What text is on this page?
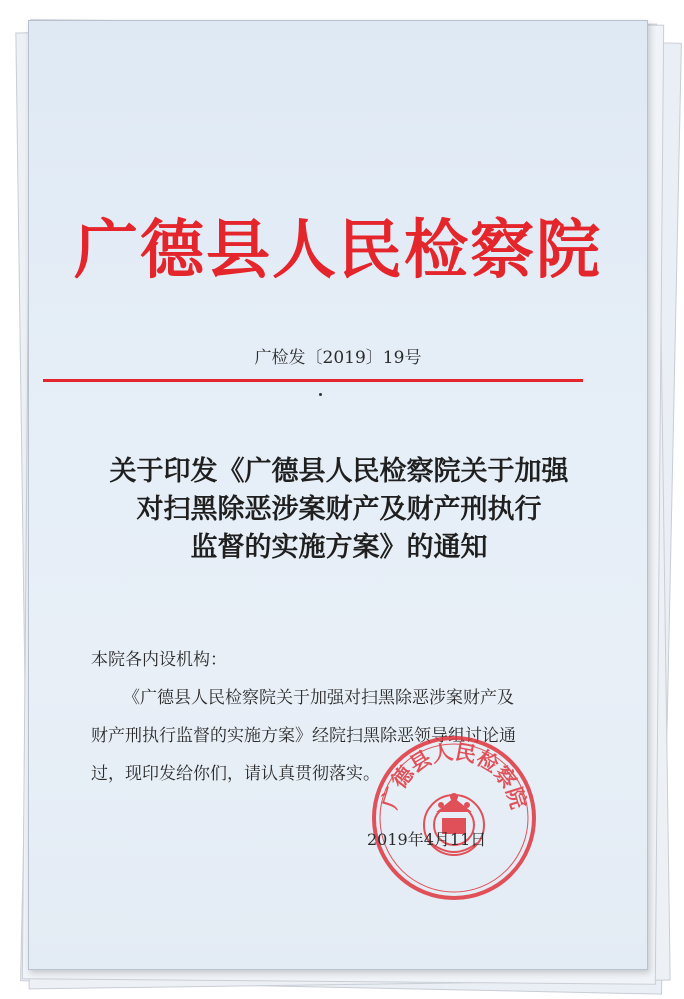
广德县人民检察院

广检发〔2019〕19号

关于印发《广德县人民检察院关于加强
对扫黑除恶涉案财产及财产刑执行
监督的实施方案》的通知

本院各内设机构：

《广德县人民检察院关于加强对扫黑除恶涉案财产及
财产刑执行监督的实施方案》经院扫黑除恶领导组讨论通
过，现印发给你们，请认真贯彻落实。

广德县人民检察院

2019年4月11日
